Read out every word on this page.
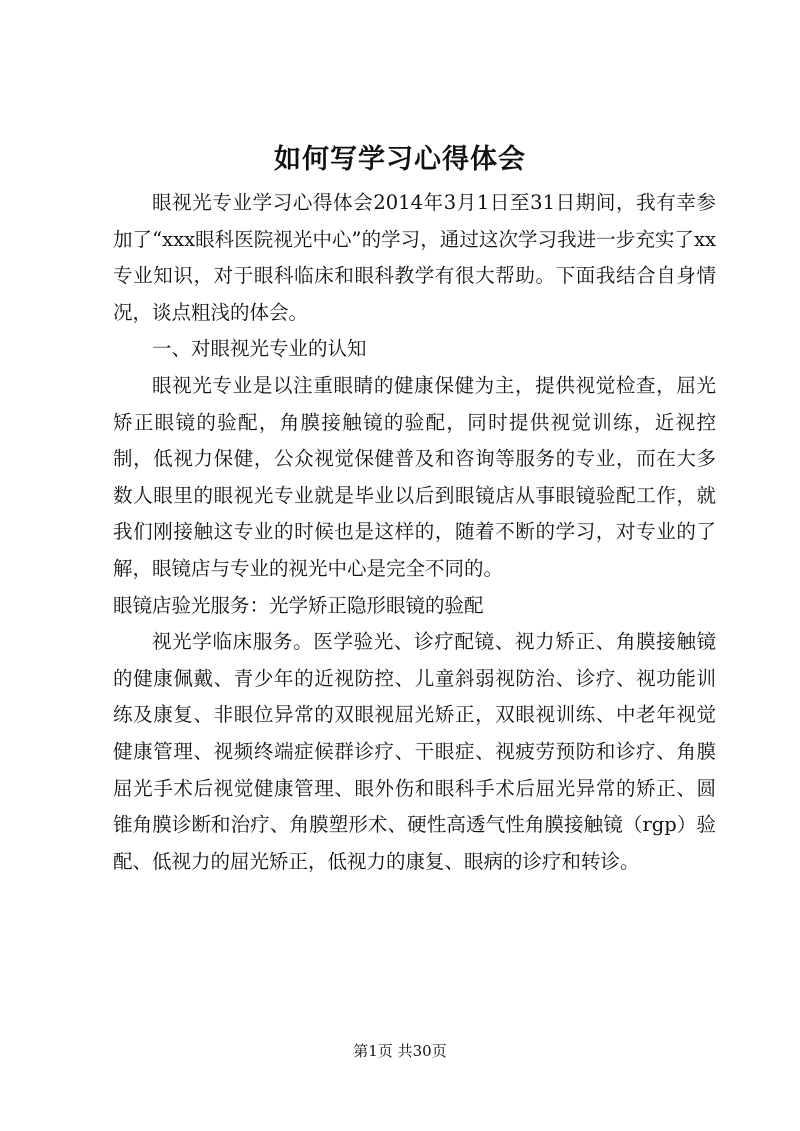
如何写学习心得体会

眼视光专业学习心得体会2014年3月1日至31日期间，我有幸参加了“xxx眼科医院视光中心”的学习，通过这次学习我进一步充实了xx专业知识，对于眼科临床和眼科教学有很大帮助。下面我结合自身情况，谈点粗浅的体会。

一、对眼视光专业的认知

眼视光专业是以注重眼睛的健康保健为主，提供视觉检查，屈光矫正眼镜的验配，角膜接触镜的验配，同时提供视觉训练，近视控制，低视力保健，公众视觉保健普及和咨询等服务的专业，而在大多数人眼里的眼视光专业就是毕业以后到眼镜店从事眼镜验配工作，就我们刚接触这专业的时候也是这样的，随着不断的学习，对专业的了解，眼镜店与专业的视光中心是完全不同的。

眼镜店验光服务：光学矫正隐形眼镜的验配

视光学临床服务。医学验光、诊疗配镜、视力矫正、角膜接触镜的健康佩戴、青少年的近视防控、儿童斜弱视防治、诊疗、视功能训练及康复、非眼位异常的双眼视屈光矫正，双眼视训练、中老年视觉健康管理、视频终端症候群诊疗、干眼症、视疲劳预防和诊疗、角膜屈光手术后视觉健康管理、眼外伤和眼科手术后屈光异常的矫正、圆锥角膜诊断和治疗、角膜塑形术、硬性高透气性角膜接触镜（rgp）验配、低视力的屈光矫正，低视力的康复、眼病的诊疗和转诊。

第1页 共30页
